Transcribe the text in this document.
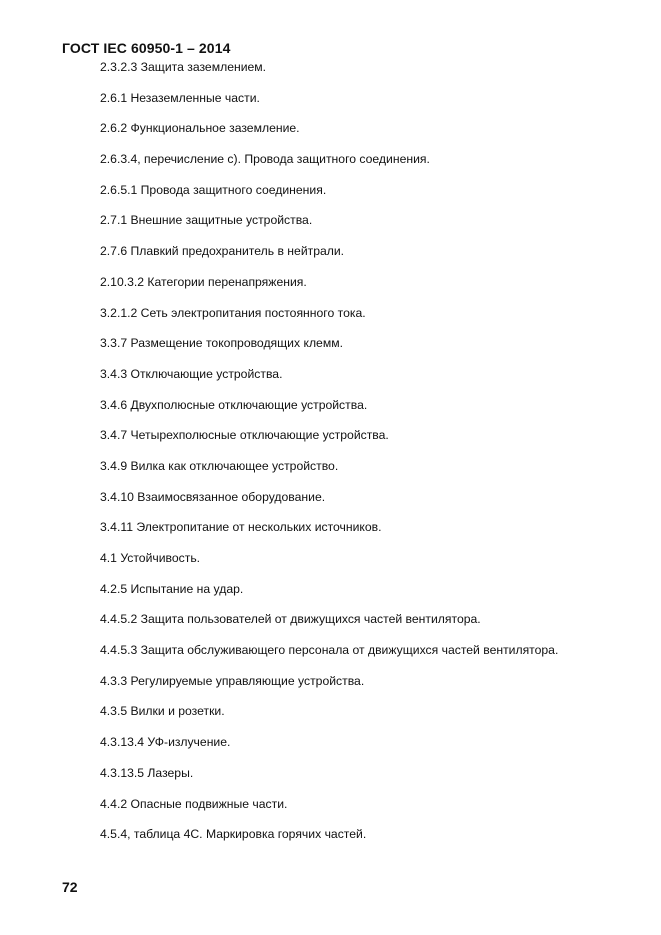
ГОСТ IEC 60950-1 – 2014
2.3.2.3 Защита заземлением.
2.6.1 Незаземленные части.
2.6.2 Функциональное заземление.
2.6.3.4, перечисление с). Провода защитного соединения.
2.6.5.1 Провода защитного соединения.
2.7.1 Внешние защитные устройства.
2.7.6 Плавкий предохранитель в нейтрали.
2.10.3.2 Категории перенапряжения.
3.2.1.2 Сеть электропитания постоянного тока.
3.3.7 Размещение токопроводящих клемм.
3.4.3 Отключающие устройства.
3.4.6 Двухполюсные отключающие устройства.
3.4.7 Четырехполюсные отключающие устройства.
3.4.9 Вилка как отключающее устройство.
3.4.10 Взаимосвязанное оборудование.
3.4.11 Электропитание от нескольких источников.
4.1 Устойчивость.
4.2.5 Испытание на удар.
4.4.5.2 Защита пользователей от движущихся частей вентилятора.
4.4.5.3 Защита обслуживающего персонала от движущихся частей вентилятора.
4.3.3 Регулируемые управляющие устройства.
4.3.5 Вилки и розетки.
4.3.13.4 УФ-излучение.
4.3.13.5 Лазеры.
4.4.2 Опасные подвижные части.
4.5.4, таблица 4С. Маркировка горячих частей.
72
